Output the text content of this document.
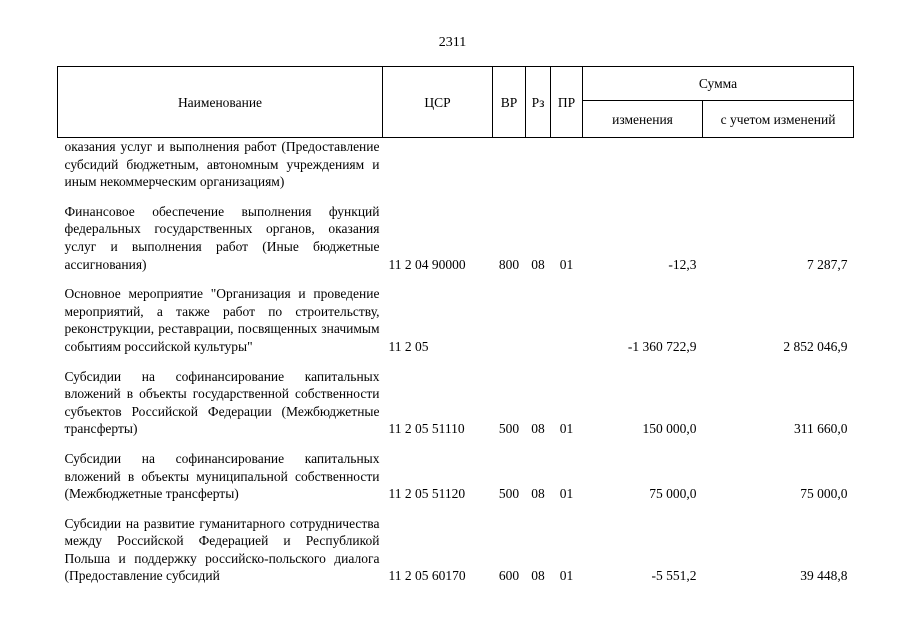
2311
Наименование	ЦСР	ВР	Рз	ПР	Сумма	
					изменения	с учетом изменений

оказания услуг и выполнения работ (Предоставление субсидий бюджетным, автономным учреждениям и иным некоммерческим организациям)						

Финансовое обеспечение выполнения функций федеральных государственных органов, оказания услуг и выполнения работ (Иные бюджетные ассигнования)	11 2 04 90000	800	08	01	-12,3	7 287,7

Основное мероприятие "Организация и проведение мероприятий, а также работ по строительству, реконструкции, реставрации, посвященных значимым событиям российской культуры"	11 2 05				-1 360 722,9	2 852 046,9

Субсидии на софинансирование капитальных вложений в объекты государственной собственности субъектов Российской Федерации (Межбюджетные трансферты)	11 2 05 51110	500	08	01	150 000,0	311 660,0

Субсидии на софинансирование капитальных вложений в объекты муниципальной собственности (Межбюджетные трансферты)	11 2 05 51120	500	08	01	75 000,0	75 000,0

Субсидии на развитие гуманитарного сотрудничества между Российской Федерацией и Республикой Польша и поддержку российско-польского диалога (Предоставление субсидий	11 2 05 60170	600	08	01	-5 551,2	39 448,8
